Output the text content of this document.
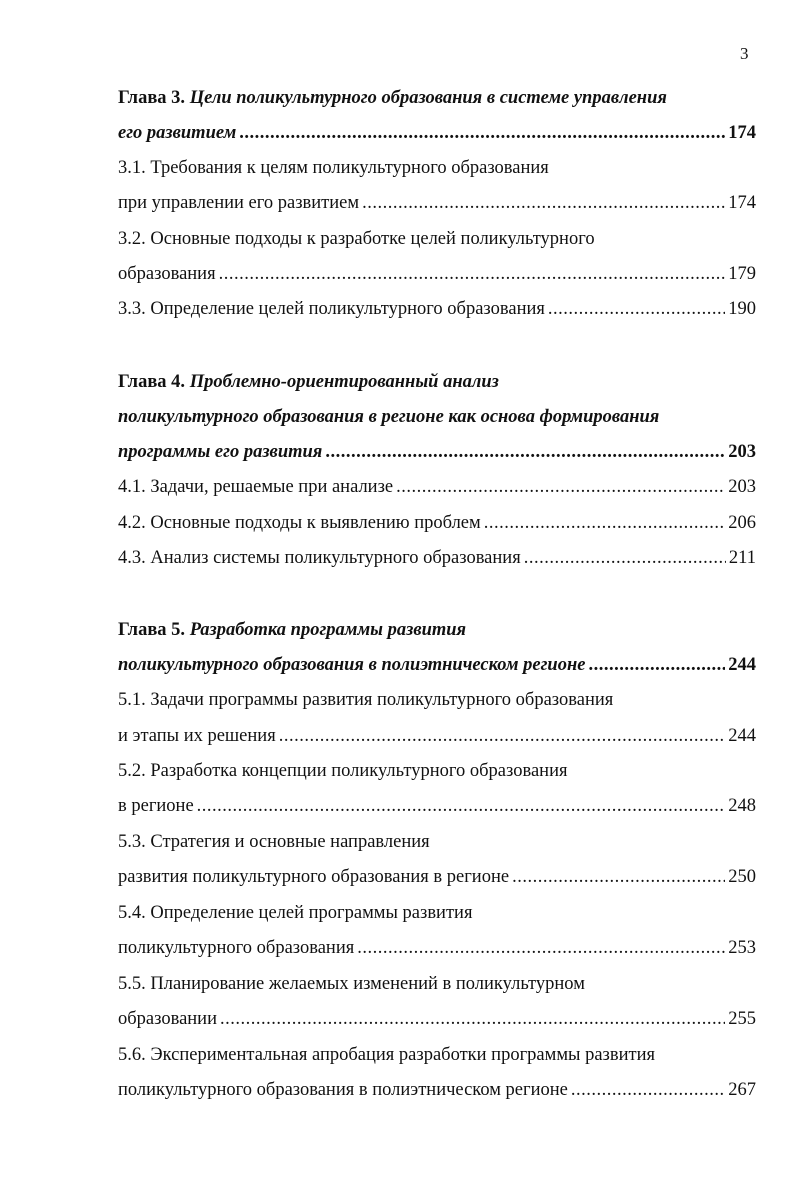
3
Глава 3. Цели поликультурного образования в системе управления
его развитием .....	174
3.1. Требования к целям поликультурного образования
при управлении его развитием .....	174
3.2. Основные подходы к разработке целей поликультурного
образования .....	179
3.3. Определение целей поликультурного образования .....	190
Глава 4. Проблемно-ориентированный анализ
поликультурного образования в регионе как основа формирования
программы его развития .....	203
4.1. Задачи, решаемые при анализе .....	203
4.2. Основные подходы к выявлению проблем .....	206
4.3. Анализ системы поликультурного образования .....	211
Глава 5. Разработка программы развития
поликультурного образования в полиэтническом регионе .....	244
5.1. Задачи программы развития поликультурного образования
и этапы их решения .....	244
5.2. Разработка концепции поликультурного образования
в регионе .....	248
5.3. Стратегия и основные направления
развития поликультурного образования в регионе .....	250
5.4. Определение целей программы развития
поликультурного образования .....	253
5.5. Планирование желаемых изменений в поликультурном
образовании .....	255
5.6. Экспериментальная апробация разработки программы развития
поликультурного образования в полиэтническом регионе .....	267
